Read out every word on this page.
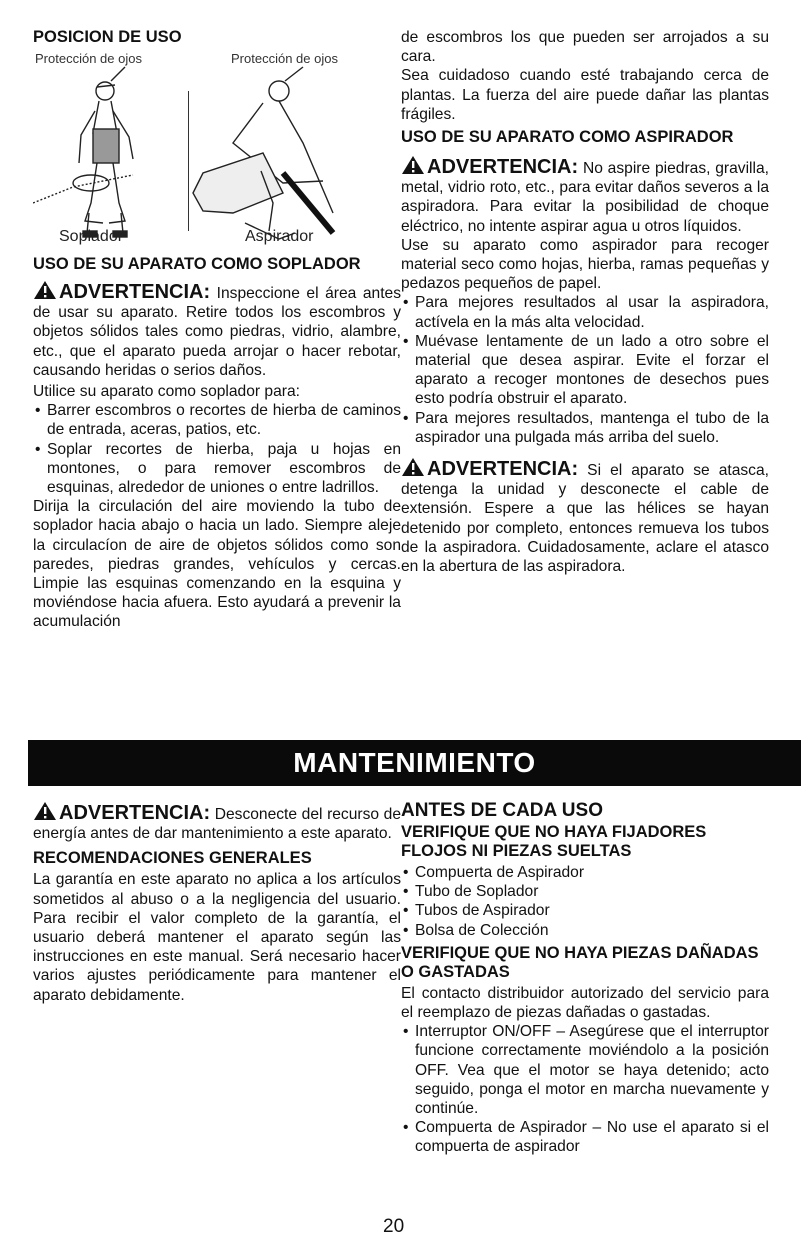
POSICION DE USO
Protección de ojos	Protección de ojos
Soplador	Aspirador
USO DE SU APARATO COMO SOPLADOR

ADVERTENCIA: Inspeccione el área antes de usar su aparato. Retire todos los escombros y objetos sólidos tales como piedras, vidrio, alambre, etc., que el aparato pueda arrojar o hacer rebotar, causando heridas o serios daños.

Utilice su aparato como soplador para:

• Barrer escombros o recortes de hierba de caminos de entrada, aceras, patios, etc.
• Soplar recortes de hierba, paja u hojas en montones, o para remover escombros de esquinas, alrededor de uniones o entre ladrillos.

Dirija la circulación del aire moviendo la tubo de soplador hacia abajo o hacia un lado. Siempre aleje la circulacíon de aire de objetos sólidos como son paredes, piedras grandes, vehículos y cercas. Limpie las esquinas comenzando en la esquina y moviéndose hacia afuera. Esto ayudará a prevenir la acumulación

de escombros los que pueden ser arrojados a su cara.

Sea cuidadoso cuando esté trabajando cerca de plantas. La fuerza del aire puede dañar las plantas frágiles.

USO DE SU APARATO COMO ASPIRADOR

ADVERTENCIA: No aspire piedras, gravilla, metal, vidrio roto, etc., para evitar daños severos a la aspiradora. Para evitar la posibilidad de choque eléctrico, no intente aspirar agua u otros líquidos.

Use su aparato como aspirador para recoger material seco como hojas, hierba, ramas pequeñas y pedazos pequeños de papel.

• Para mejores resultados al usar la aspiradora, actívela en la más alta velocidad.
• Muévase lentamente de un lado a otro sobre el material que desea aspirar. Evite el forzar el aparato a recoger montones de desechos pues esto podría obstruir el aparato.
• Para mejores resultados, mantenga el tubo de la aspirador una pulgada más arriba del suelo.

ADVERTENCIA: Si el aparato se atasca, detenga la unidad y desconecte el cable de extensión. Espere a que las hélices se hayan detenido por completo, entonces remueva los tubos de la aspiradora. Cuidadosamente, aclare el atasco en la abertura de las aspiradora.

MANTENIMIENTO

ADVERTENCIA: Desconecte del recurso de energía antes de dar mantenimiento a este aparato.

RECOMENDACIONES GENERALES

La garantía en este aparato no aplica a los artículos sometidos al abuso o a la negligencia del usuario. Para recibir el valor completo de la garantía, el usuario deberá mantener el aparato según las instrucciones en este manual. Será necesario hacer varios ajustes periódicamente para mantener el aparato debidamente.

ANTES DE CADA USO
VERIFIQUE QUE NO HAYA FIJADORES FLOJOS NI PIEZAS SUELTAS
• Compuerta de Aspirador
• Tubo de Soplador
• Tubos de Aspirador
• Bolsa de Colección
VERIFIQUE QUE NO HAYA PIEZAS DAÑADAS O GASTADAS

El contacto distribuidor autorizado del servicio para el reemplazo de piezas dañadas o gastadas.

• Interruptor ON/OFF – Asegúrese que el interruptor funcione correctamente moviéndolo a la posición OFF. Vea que el motor se haya detenido; acto seguido, ponga el motor en marcha nuevamente y continúe.
• Compuerta de Aspirador – No use el aparato si el compuerta de aspirador
20
